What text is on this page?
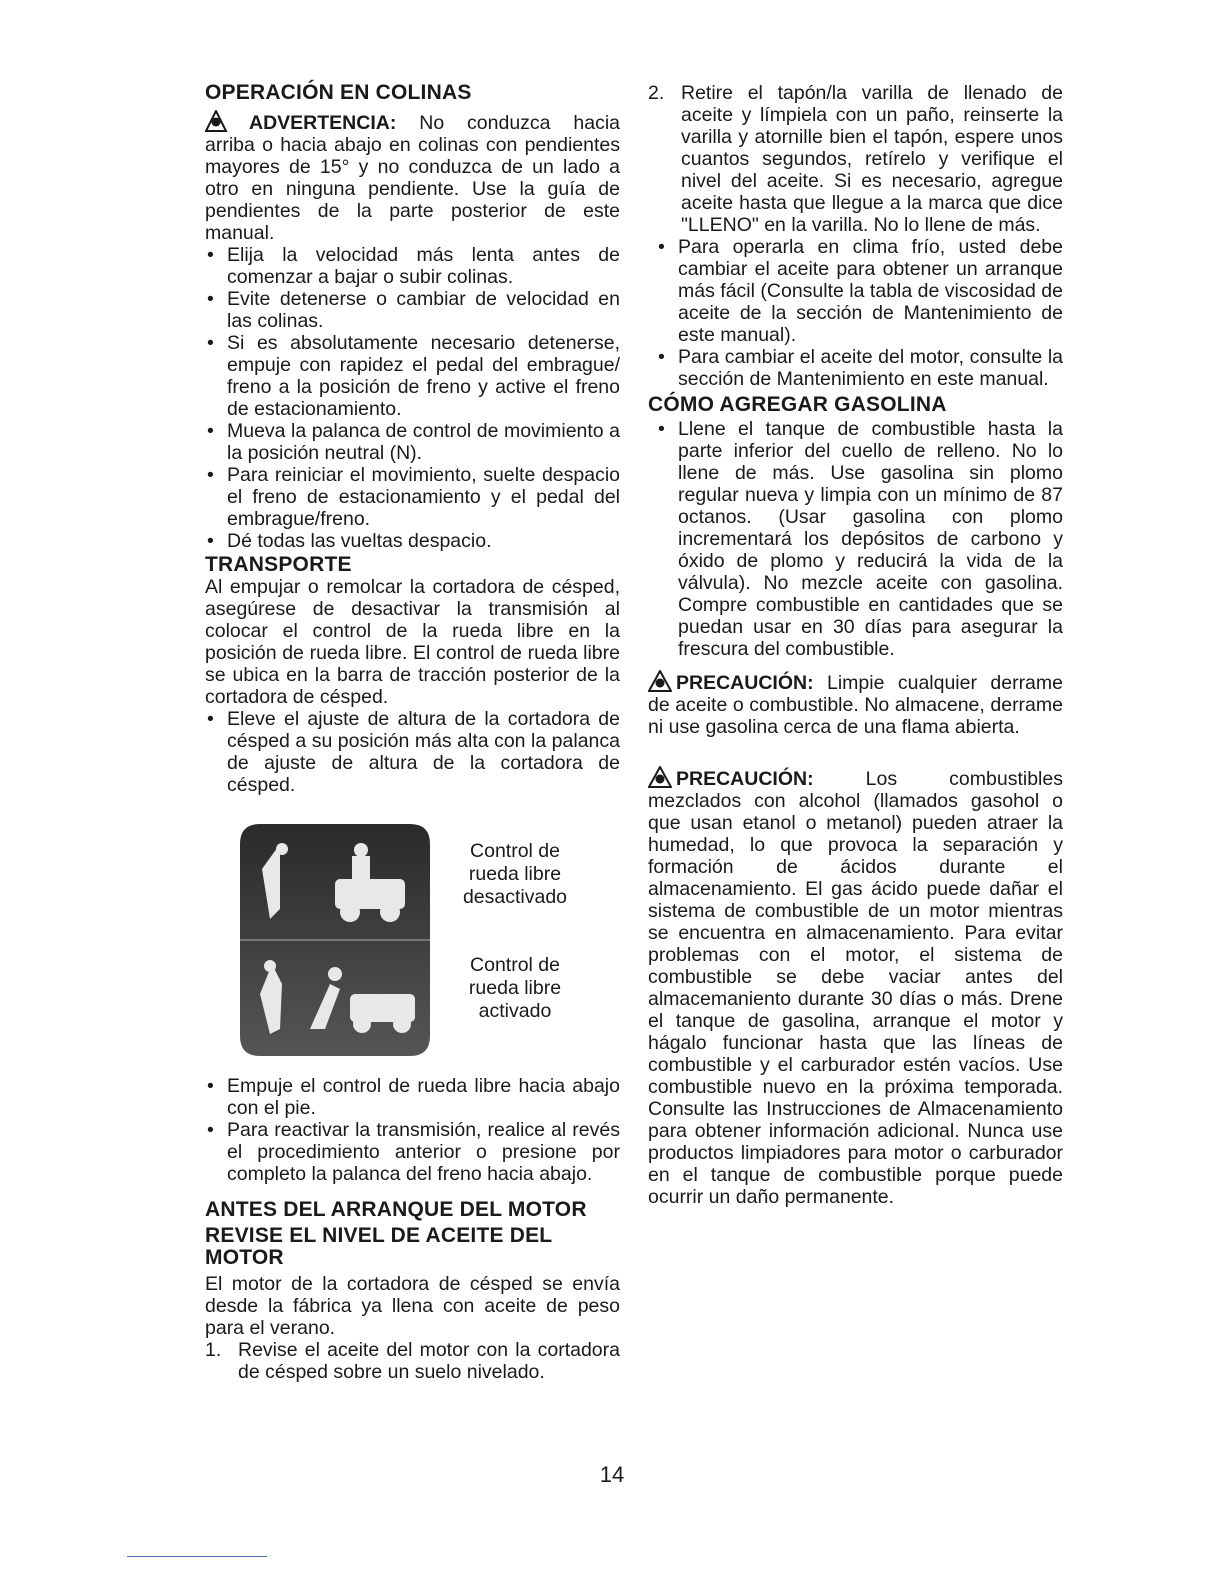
OPERACIÓN EN COLINAS

ADVERTENCIA: No conduzca hacia arriba o hacia abajo en colinas con pendientes mayores de 15° y no conduzca de un lado a otro en ninguna pendiente. Use la guía de pendientes de la parte posterior de este manual.

• Elija la velocidad más lenta antes de comenzar a bajar o subir colinas.
• Evite detenerse o cambiar de velocidad en las colinas.
• Si es absolutamente necesario detenerse, empuje con rapidez el pedal del embrague/ freno a la posición de freno y active el freno de estacionamiento.
• Mueva la palanca de control de movimiento a la posición neutral (N).
• Para reiniciar el movimiento, suelte despacio el freno de estacionamiento y el pedal del embrague/freno.
• Dé todas las vueltas despacio.

TRANSPORTE

Al empujar o remolcar la cortadora de césped, asegúrese de desactivar la transmisión al colocar el control de la rueda libre en la posición de rueda libre. El control de rueda libre se ubica en la barra de tracción posterior de la cortadora de césped.

• Eleve el ajuste de altura de la cortadora de césped a su posición más alta con la palanca de ajuste de altura de la cortadora de césped.
Control de rueda libre desactivado
Control de rueda libre activado
• Empuje el control de rueda libre hacia abajo con el pie.
• Para reactivar la transmisión, realice al revés el procedimiento anterior o presione por completo la palanca del freno hacia abajo.

ANTES DEL ARRANQUE DEL MOTOR

REVISE EL NIVEL DE ACEITE DEL MOTOR

El motor de la cortadora de césped se envía desde la fábrica ya llena con aceite de peso para el verano.

1. Revise el aceite del motor con la cortadora de césped sobre un suelo nivelado.
2. Retire el tapón/la varilla de llenado de aceite y límpiela con un paño, reinserte la varilla y atornille bien el tapón, espere unos cuantos segundos, retírelo y verifique el nivel del aceite. Si es necesario, agregue aceite hasta que llegue a la marca que dice "LLENO" en la varilla. No lo llene de más.
• Para operarla en clima frío, usted debe cambiar el aceite para obtener un arranque más fácil (Consulte la tabla de viscosidad de aceite de la sección de Mantenimiento de este manual).
• Para cambiar el aceite del motor, consulte la sección de Mantenimiento en este manual.

CÓMO AGREGAR GASOLINA

• Llene el tanque de combustible hasta la parte inferior del cuello de relleno. No lo llene de más. Use gasolina sin plomo regular nueva y limpia con un mínimo de 87 octanos. (Usar gasolina con plomo incrementará los depósitos de carbono y óxido de plomo y reducirá la vida de la válvula). No mezcle aceite con gasolina. Compre combustible en cantidades que se puedan usar en 30 días para asegurar la frescura del combustible.

PRECAUCIÓN: Limpie cualquier derrame de aceite o combustible. No almacene, derrame ni use gasolina cerca de una flama abierta.

PRECAUCIÓN:	Los combustibles mezclados con alcohol (llamados gasohol o que usan etanol o metanol) pueden atraer la humedad, lo que provoca la separación y formación de ácidos durante el almacenamiento. El gas ácido puede dañar el sistema de combustible de un motor mientras se encuentra en almacenamiento. Para evitar problemas con el motor, el sistema de combustible se debe vaciar antes del almacemaniento durante 30 días o más. Drene el tanque de gasolina, arranque el motor y hágalo funcionar hasta que las líneas de combustible y el carburador estén vacíos. Use combustible nuevo en la próxima temporada. Consulte las Instrucciones de Almacenamiento para obtener información adicional. Nunca use productos limpiadores para motor o carburador en el tanque de combustible porque puede ocurrir un daño permanente.

14
